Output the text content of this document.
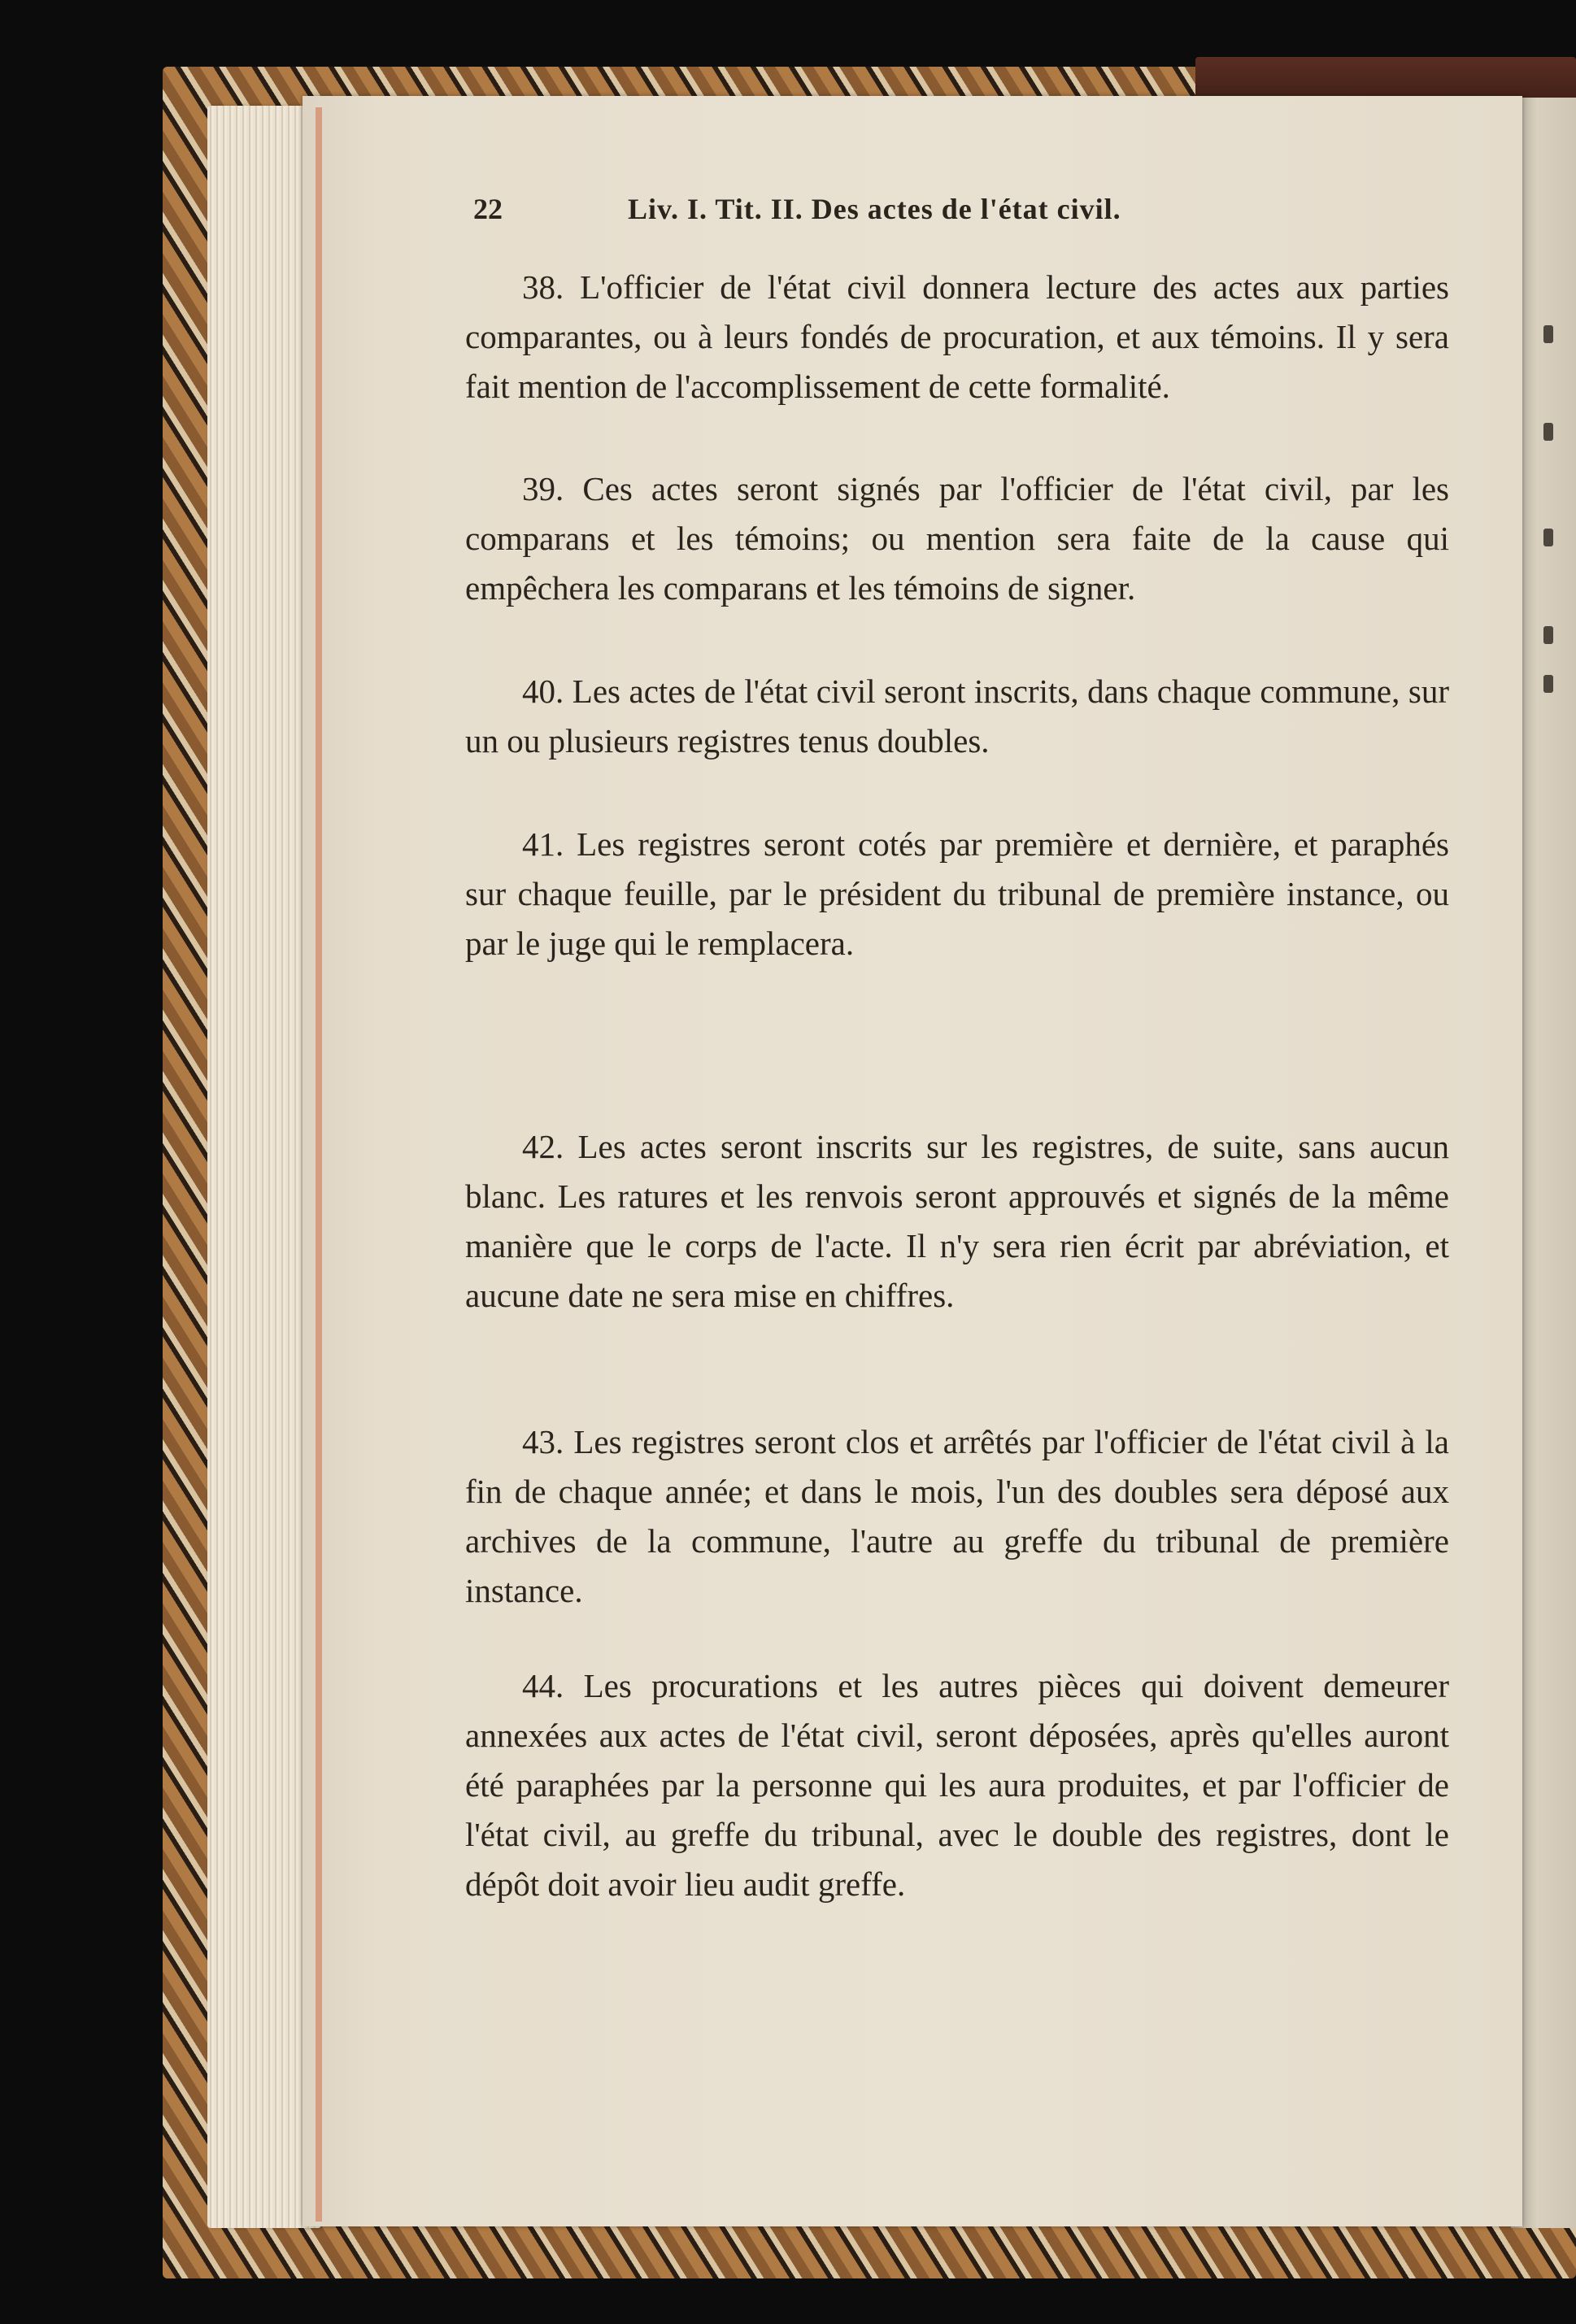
22	Liv. I. Tit. II. Des actes de l'état civil.
38. L'officier de l'état civil donnera lecture des actes aux parties comparantes, ou à leurs fondés de procuration, et aux témoins. Il y sera fait mention de l'accomplissement de cette formalité.
39. Ces actes seront signés par l'officier de l'état civil, par les comparans et les témoins; ou mention sera faite de la cause qui empêchera les comparans et les témoins de signer.
40. Les actes de l'état civil seront inscrits, dans chaque commune, sur un ou plusieurs registres tenus doubles.
41. Les registres seront cotés par première et dernière, et paraphés sur chaque feuille, par le président du tribunal de première instance, ou par le juge qui le remplacera.
42. Les actes seront inscrits sur les registres, de suite, sans aucun blanc. Les ratures et les renvois seront approuvés et signés de la même manière que le corps de l'acte. Il n'y sera rien écrit par abréviation, et aucune date ne sera mise en chiffres.
43. Les registres seront clos et arrêtés par l'officier de l'état civil à la fin de chaque année; et dans le mois, l'un des doubles sera déposé aux archives de la commune, l'autre au greffe du tribunal de première instance.
44. Les procurations et les autres pièces qui doivent demeurer annexées aux actes de l'état civil, seront déposées, après qu'elles auront été paraphées par la personne qui les aura produites, et par l'officier de l'état civil, au greffe du tribunal, avec le double des registres, dont le dépôt doit avoir lieu audit greffe.
